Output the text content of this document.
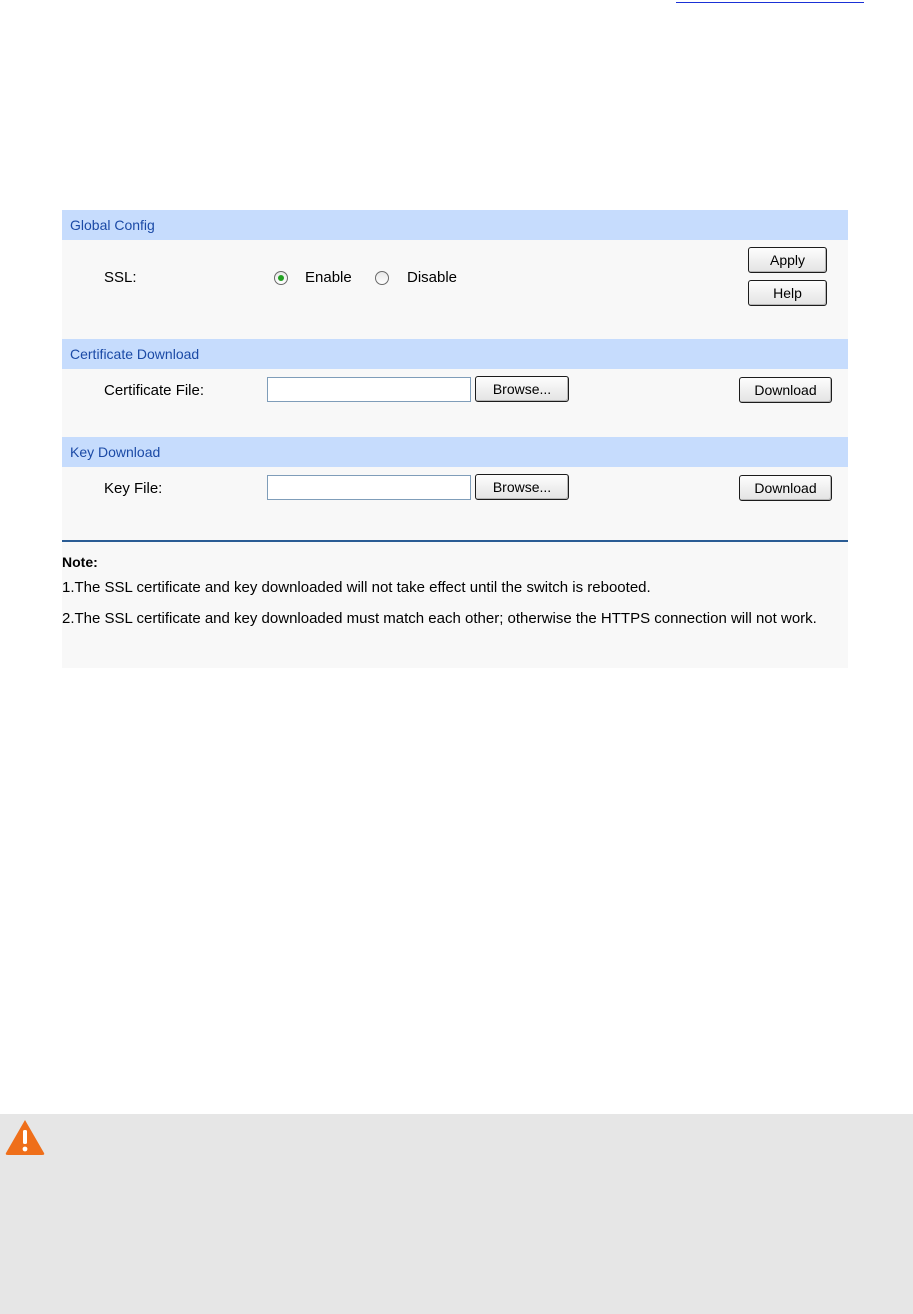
Global Config
SSL:	Enable	Disable
Apply
Help
Certificate Download
Certificate File:	Browse...	Download
Key Download
Key File:	Browse...	Download
Note:
1.The SSL certificate and key downloaded will not take effect until the switch is rebooted.
2.The SSL certificate and key downloaded must match each other; otherwise the HTTPS connection will not work.
